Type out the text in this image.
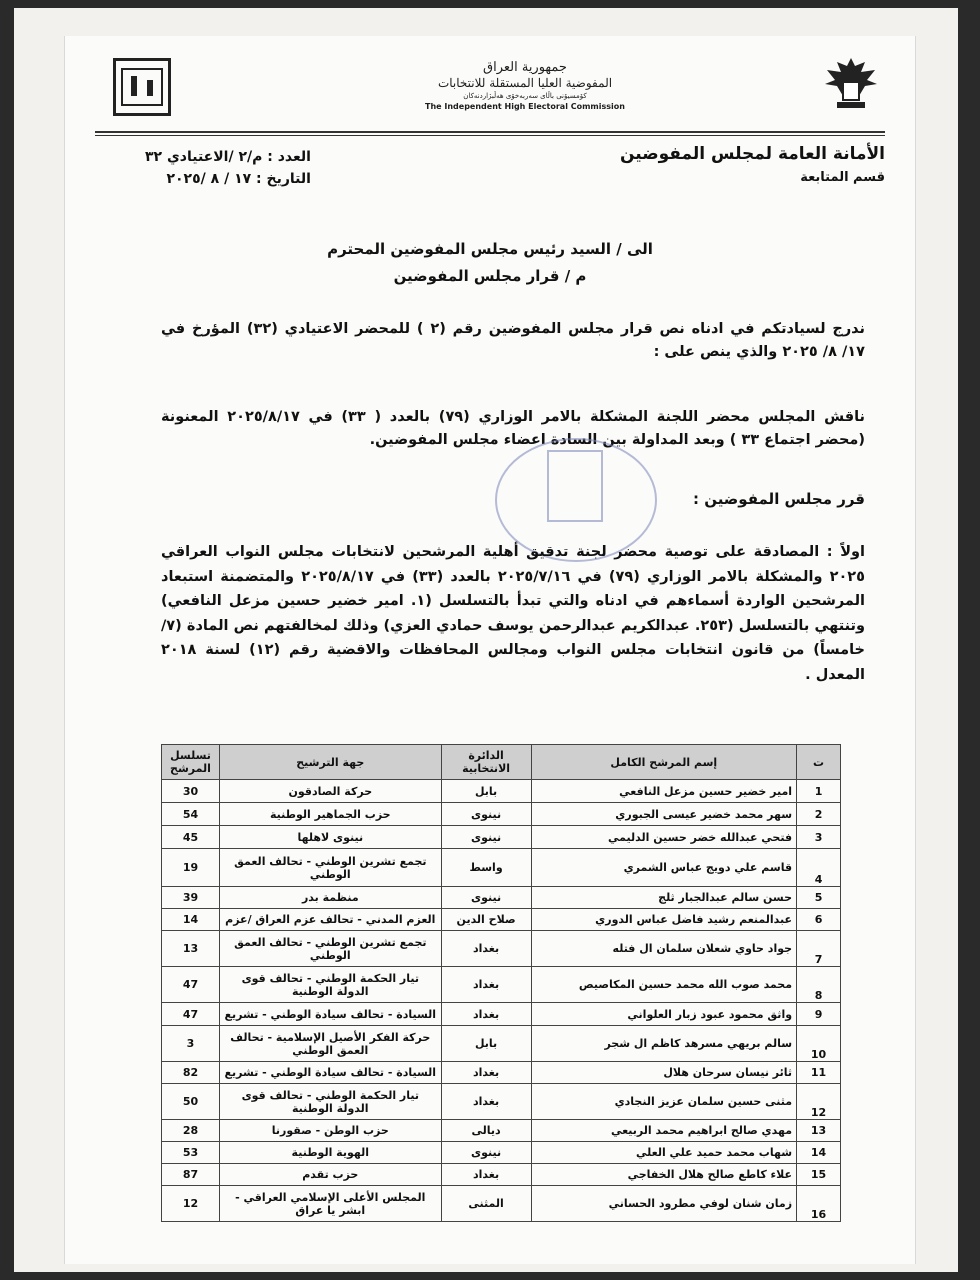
جمهورية العراق
المفوضية العليا المستقلة للانتخابات
کۆمسیۆنی باڵای سەربەخۆی هەڵبژاردنەکان
The Independent High Electoral Commission
الأمانة العامة لمجلس المفوضين
قسم المتابعة
العدد : م/٢ /الاعتيادي ٣٢
التاريخ : ١٧ / ٨ /٢٠٢٥
الى / السيد رئيس مجلس المفوضين المحترم
م / قرار مجلس المفوضين
ندرج لسيادتكم في ادناه نص قرار مجلس المفوضين رقم (٢ ) للمحضر الاعتيادي (٣٢) المؤرخ في ١٧/ ٨/ ٢٠٢٥ والذي ينص على :
ناقش المجلس محضر اللجنة المشكلة بالامر الوزاري (٧٩) بالعدد ( ٣٣) في ٢٠٢٥/٨/١٧ المعنونة (محضر اجتماع ٣٣ ) وبعد المداولة بين السادة اعضاء مجلس المفوضين.
قرر مجلس المفوضين :
اولاً : المصادقة على توصية محضر لجنة تدقيق أهلية المرشحين لانتخابات مجلس النواب العراقي ٢٠٢٥ والمشكلة بالامر الوزاري (٧٩) في ٢٠٢٥/٧/١٦ بالعدد (٣٣) في ٢٠٢٥/٨/١٧ والمتضمنة استبعاد المرشحين الواردة أسماءهم في ادناه والتي تبدأ بالتسلسل (١. امير خضير حسين مزعل النافعي) وتنتهي بالتسلسل (٢٥٣. عبدالكريم عبدالرحمن يوسف حمادي العزي) وذلك لمخالفتهم نص المادة (٧/خامساً) من قانون انتخابات مجلس النواب ومجالس المحافظات والاقضية رقم (١٢) لسنة ٢٠١٨ المعدل .
ت	إسم المرشح الكامل	الدائرة الانتخابية	جهة الترشيح	تسلسل المرشح
1	امير خضير حسين مزعل النافعي	بابل	حركة الصادقون	30
2	سهر محمد خضير عيسى الجبوري	نينوى	حزب الجماهير الوطنية	54
3	فتحي عبدالله خضر حسين الدليمي	نينوى	نينوى لاهلها	45
4	قاسم علي دويج عباس الشمري	واسط	تجمع تشرين الوطني - تحالف العمق الوطني	19
5	حسن سالم عبدالجبار ثلج	نينوى	منظمة بدر	39
6	عبدالمنعم رشيد فاضل عباس الدوري	صلاح الدين	العزم المدني - تحالف عزم العراق /عزم	14
7	جواد حاوي شعلان سلمان ال فتله	بغداد	تجمع تشرين الوطني - تحالف العمق الوطني	13
8	محمد صوب الله محمد حسين المكاصيص	بغداد	تيار الحكمة الوطني - تحالف قوى الدولة الوطنية	47
9	واثق محمود عبود زبار العلواني	بغداد	السيادة - تحالف سيادة الوطني - تشريع	47
10	سالم بريهي مسرهد كاظم ال شجر	بابل	حركة الفكر الأصيل الإسلامية - تحالف العمق الوطني	3
11	ثائر نيسان سرحان هلال	بغداد	السيادة - تحالف سيادة الوطني - تشريع	82
12	مثنى حسين سلمان عزيز النجادي	بغداد	تيار الحكمة الوطني - تحالف قوى الدولة الوطنية	50
13	مهدي صالح ابراهيم محمد الربيعي	ديالى	حزب الوطن - صقورنا	28
14	شهاب محمد حميد علي العلي	نينوى	الهوية الوطنية	53
15	علاء كاطع صالح هلال الخفاجي	بغداد	حزب تقدم	87
16	زمان شنان لوفي مطرود الحساني	المثنى	المجلس الأعلى الإسلامي العراقي - ابشر يا عراق	12
